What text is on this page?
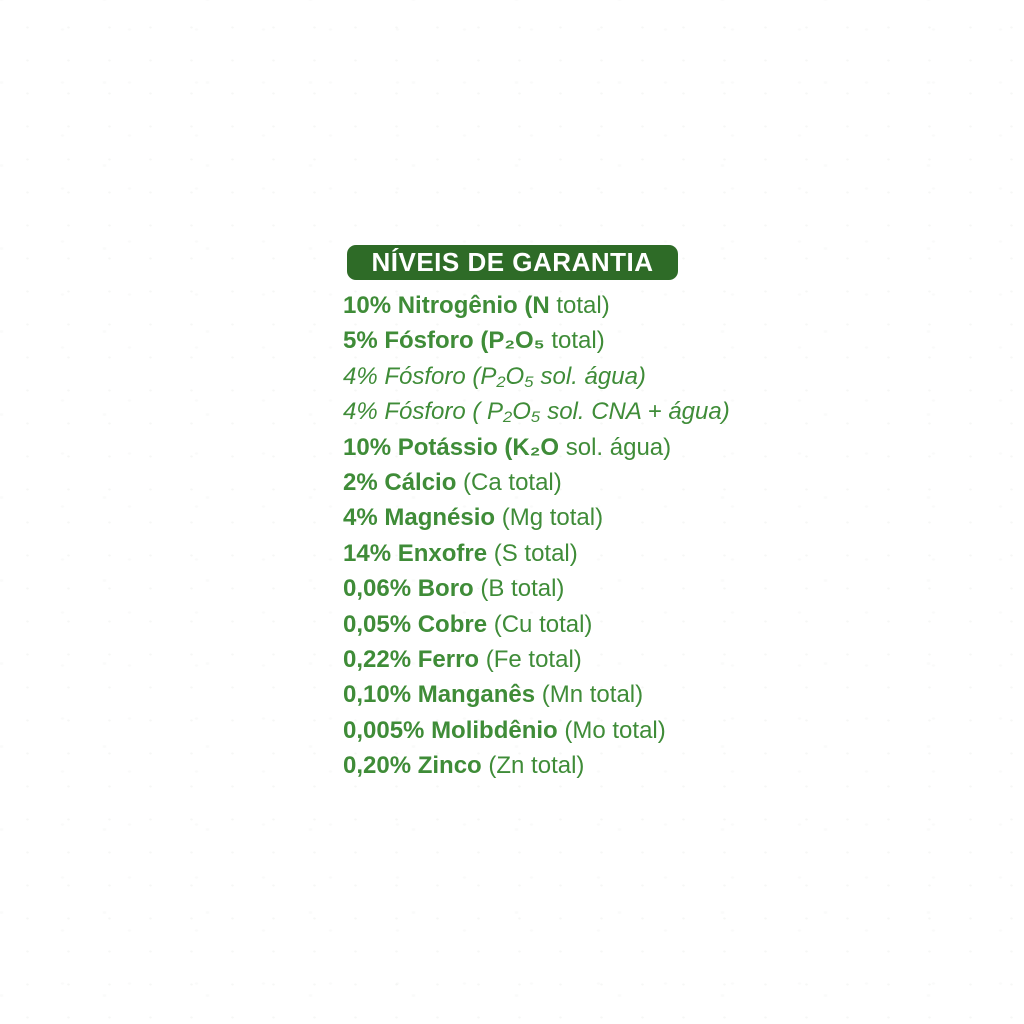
NÍVEIS DE GARANTIA
10% Nitrogênio (N total)
5% Fósforo (P₂O₅ total)
4% Fósforo (P₂O₅ sol. água)
4% Fósforo ( P₂O₅ sol. CNA + água)
10% Potássio (K₂O sol. água)
2% Cálcio (Ca total)
4% Magnésio (Mg total)
14% Enxofre (S total)
0,06% Boro (B total)
0,05% Cobre (Cu total)
0,22% Ferro (Fe total)
0,10% Manganês (Mn total)
0,005% Molibdênio (Mo total)
0,20% Zinco (Zn total)
